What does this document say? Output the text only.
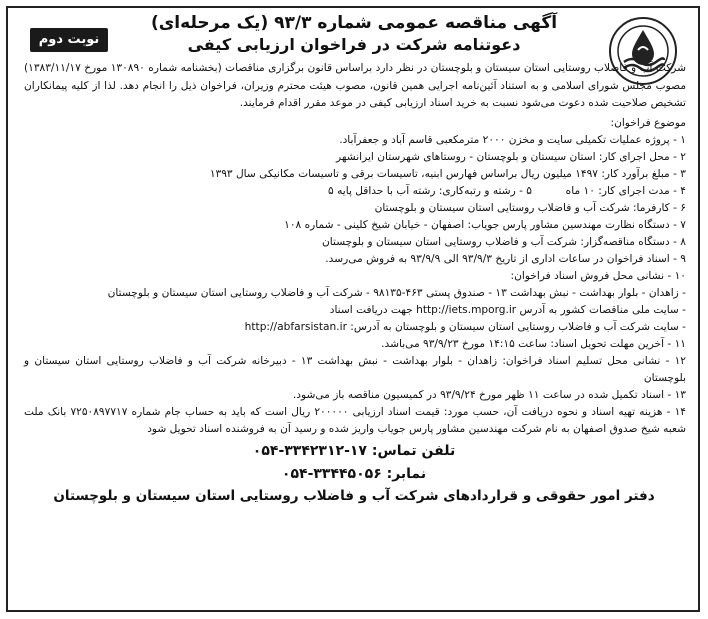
نوبت دوم
آگهی مناقصه عمومی شماره ۹۳/۳ (یک مرحله‌ای)
دعوتنامه شرکت در فراخوان ارزیابی کیفی
شرکت آب و فاضلاب روستایی استان سیستان و بلوچستان در نظر دارد براساس قانون برگزاری مناقصات (بخشنامه شماره ۱۳۰۸۹۰ مورخ ۱۳۸۳/۱۱/۱۷) مصوب مجلس شورای اسلامی و به استناد آئین‌نامه اجرایی همین قانون، مصوب هیئت محترم وزیران، فراخوان ذیل را انجام دهد. لذا از کلیه پیمانکاران تشخیص صلاحیت شده دعوت می‌شود نسبت به خرید اسناد ارزیابی کیفی در موعد مقرر اقدام فرمایند.
موضوع فراخوان:
۱ - پروژه عملیات تکمیلی سایت و مخزن ۲۰۰۰ مترمکعبی قاسم آباد و جعفرآباد.
۲ - محل اجرای کار: استان سیستان و بلوچستان - روستاهای شهرستان ایرانشهر
۳ - مبلغ برآورد کار: ۱۴۹۷ میلیون ریال براساس فهارس ابنیه، تاسیسات برقی و تاسیسات مکانیکی سال ۱۳۹۳
۴ - مدت اجرای کار: ۱۰ ماه          ۵ - رشته و رتبه‌کاری: رشته آب با حداقل پایه ۵
۶ - کارفرما: شرکت آب و فاضلاب روستایی استان سیستان و بلوچستان
۷ - دستگاه نظارت مهندسین مشاور پارس جویاب: اصفهان - خیابان شیخ کلینی - شماره ۱۰۸
۸ - دستگاه مناقصه‌گزار: شرکت آب و فاضلاب روستایی استان سیستان و بلوچستان
۹ - اسناد فراخوان در ساعات اداری از تاریخ ۹۳/۹/۳ الی ۹۳/۹/۹ به فروش می‌رسد.
۱۰ - نشانی محل فروش اسناد فراخوان:
- زاهدان - بلوار بهداشت - نبش بهداشت ۱۳ - صندوق پستی ۴۶۳-۹۸۱۳۵ - شرکت آب و فاضلاب روستایی استان سیستان و بلوچستان
- سایت ملی مناقصات کشور به آدرس http://iets.mporg.ir جهت دریافت اسناد
- سایت شرکت آب و فاضلاب روستایی استان سیستان و بلوچستان به آدرس: http://abfarsistan.ir
۱۱ - آخرین مهلت تحویل اسناد: ساعت ۱۴:۱۵ مورخ ۹۳/۹/۲۳ می‌باشد.
۱۲ - نشانی محل تسلیم اسناد فراخوان: زاهدان - بلوار بهداشت - نبش بهداشت ۱۳ - دبیرخانه شرکت آب و فاضلاب روستایی استان سیستان و بلوچستان
۱۳ - اسناد تکمیل شده در ساعت ۱۱ ظهر مورخ ۹۳/۹/۲۴ در کمیسیون مناقصه باز می‌شود.
۱۴ - هزینه تهیه اسناد و نحوه دریافت آن، حسب مورد: قیمت اسناد ارزیابی ۲۰۰۰۰۰ ریال است که باید به حساب جام شماره ۷۲۵۰۸۹۷۷۱۷ بانک ملت شعبه شیخ صدوق اصفهان به نام شرکت مهندسین مشاور پارس جویاب واریز شده و رسید آن به فروشنده اسناد تحویل شود
تلفن تماس: ۱۷-۳۳۴۲۳۱۲-۰۵۴
نمابر: ۳۳۴۴۵۰۵۶-۰۵۴
دفتر امور حقوقی و قراردادهای شرکت آب و فاضلاب روستایی استان سیستان و بلوچستان
